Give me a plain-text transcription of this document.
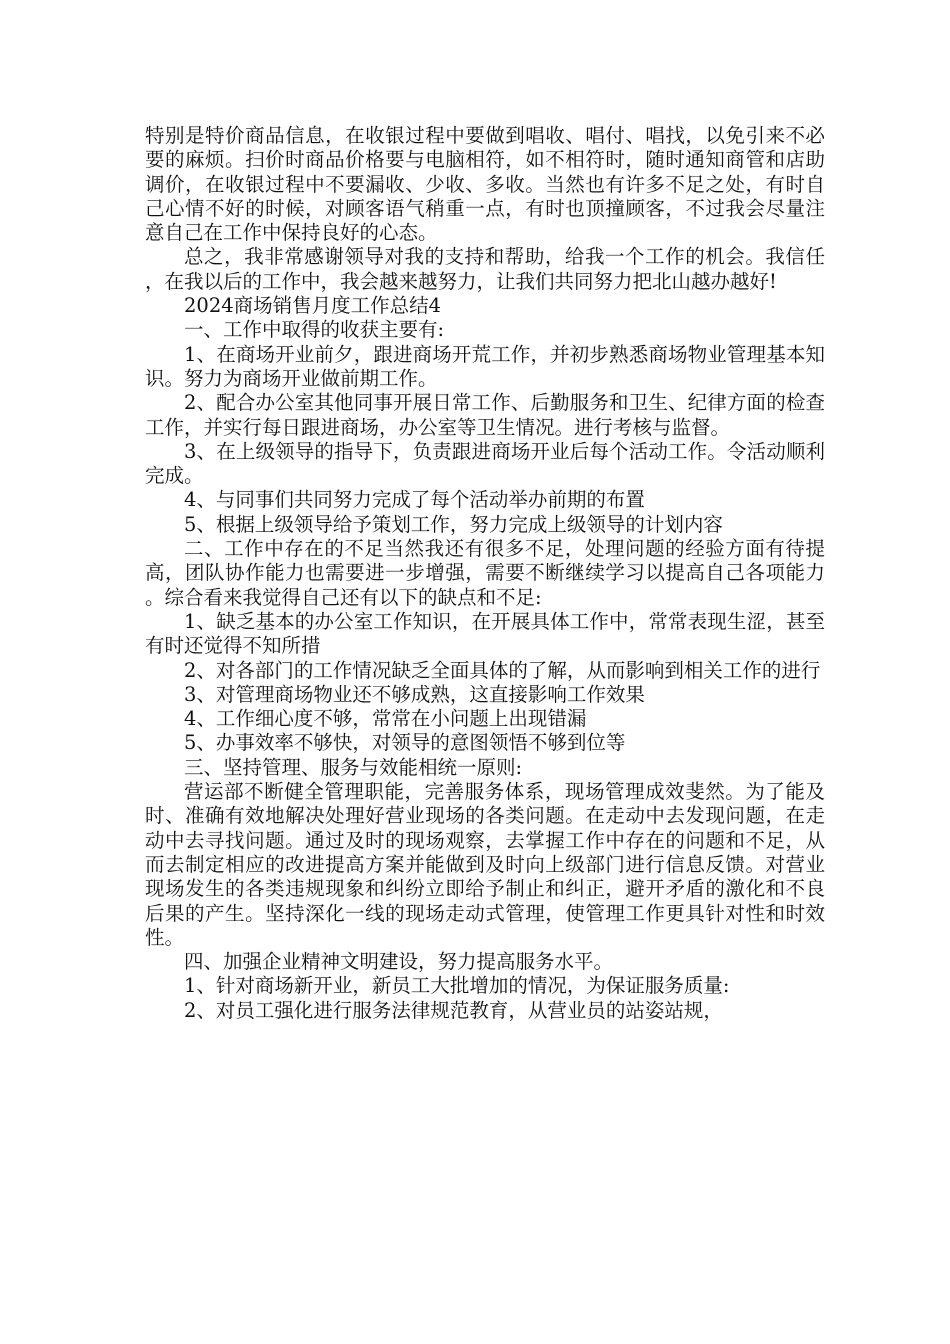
特别是特价商品信息，在收银过程中要做到唱收、唱付、唱找，以免引来不必要的麻烦。扫价时商品价格要与电脑相符，如不相符时，随时通知商管和店助调价，在收银过程中不要漏收、少收、多收。当然也有许多不足之处，有时自己心情不好的时候，对顾客语气稍重一点，有时也顶撞顾客，不过我会尽量注意自己在工作中保持良好的心态。

总之，我非常感谢领导对我的支持和帮助，给我一个工作的机会。我信任，在我以后的工作中，我会越来越努力，让我们共同努力把北山越办越好!

2024商场销售月度工作总结4

一、工作中取得的收获主要有:

1、在商场开业前夕，跟进商场开荒工作，并初步熟悉商场物业管理基本知识。努力为商场开业做前期工作。

2、配合办公室其他同事开展日常工作、后勤服务和卫生、纪律方面的检查工作，并实行每日跟进商场，办公室等卫生情况。进行考核与监督。

3、在上级领导的指导下，负责跟进商场开业后每个活动工作。令活动顺利完成。

4、与同事们共同努力完成了每个活动举办前期的布置

5、根据上级领导给予策划工作，努力完成上级领导的计划内容

二、工作中存在的不足当然我还有很多不足，处理问题的经验方面有待提高，团队协作能力也需要进一步增强，需要不断继续学习以提高自己各项能力。综合看来我觉得自己还有以下的缺点和不足:

1、缺乏基本的办公室工作知识，在开展具体工作中，常常表现生涩，甚至有时还觉得不知所措

2、对各部门的工作情况缺乏全面具体的了解，从而影响到相关工作的进行

3、对管理商场物业还不够成熟，这直接影响工作效果

4、工作细心度不够，常常在小问题上出现错漏

5、办事效率不够快，对领导的意图领悟不够到位等

三、坚持管理、服务与效能相统一原则:

营运部不断健全管理职能，完善服务体系，现场管理成效斐然。为了能及时、准确有效地解决处理好营业现场的各类问题。在走动中去发现问题，在走动中去寻找问题。通过及时的现场观察，去掌握工作中存在的问题和不足，从而去制定相应的改进提高方案并能做到及时向上级部门进行信息反馈。对营业现场发生的各类违规现象和纠纷立即给予制止和纠正，避开矛盾的激化和不良后果的产生。坚持深化一线的现场走动式管理，使管理工作更具针对性和时效性。

四、加强企业精神文明建设，努力提高服务水平。

1、针对商场新开业，新员工大批增加的情况，为保证服务质量:

2、对员工强化进行服务法律规范教育，从营业员的站姿站规，
